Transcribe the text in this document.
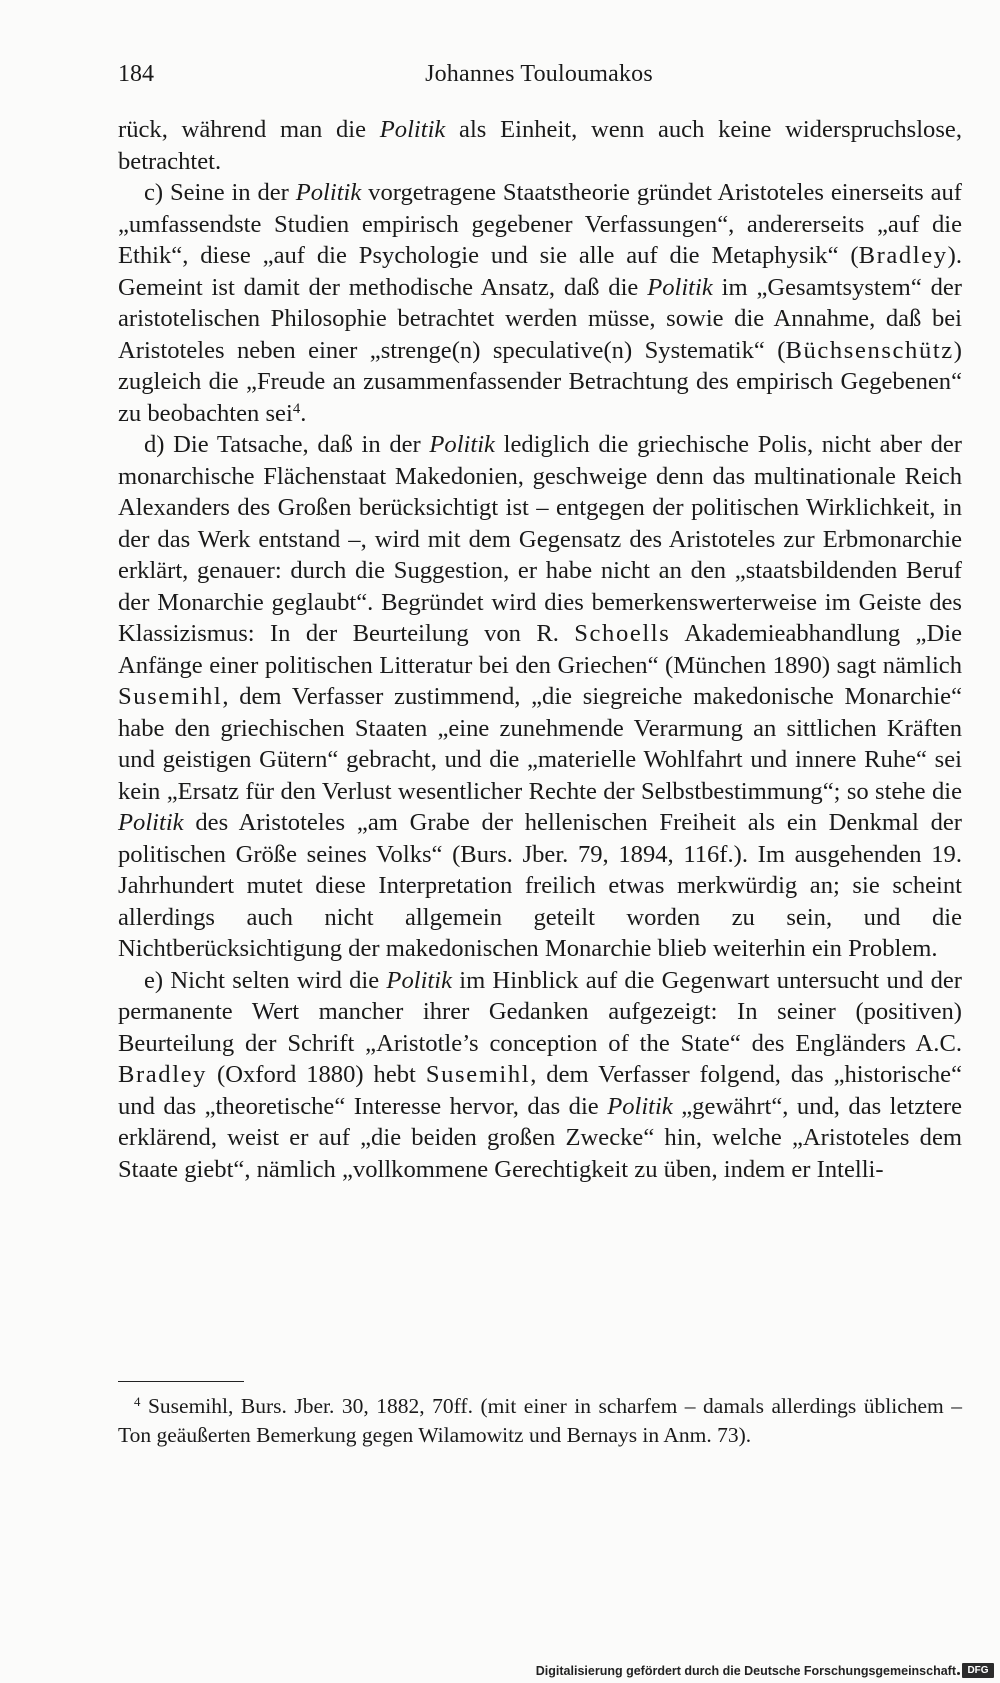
184	Johannes Touloumakos

rück, während man die Politik als Einheit, wenn auch keine widerspruchslose, betrachtet.

c) Seine in der Politik vorgetragene Staatstheorie gründet Aristoteles einerseits auf „umfassendste Studien empirisch gegebener Verfassungen“, andererseits „auf die Ethik“, diese „auf die Psychologie und sie alle auf die Metaphysik“ (Bradley). Gemeint ist damit der methodische Ansatz, daß die Politik im „Gesamtsystem“ der aristotelischen Philosophie betrachtet werden müsse, sowie die Annahme, daß bei Aristoteles neben einer „strenge(n) speculative(n) Systematik“ (Büchsenschütz) zugleich die „Freude an zusammenfassender Betrachtung des empirisch Gegebenen“ zu beobachten sei$^4$.

d) Die Tatsache, daß in der Politik lediglich die griechische Polis, nicht aber der monarchische Flächenstaat Makedonien, geschweige denn das multinationale Reich Alexanders des Großen berücksichtigt ist – entgegen der politischen Wirklichkeit, in der das Werk entstand –, wird mit dem Gegensatz des Aristoteles zur Erbmonarchie erklärt, genauer: durch die Suggestion, er habe nicht an den „staatsbildenden Beruf der Monarchie geglaubt“. Begründet wird dies bemerkenswerterweise im Geiste des Klassizismus: In der Beurteilung von R. Schoells Akademieabhandlung „Die Anfänge einer politischen Litteratur bei den Griechen“ (München 1890) sagt nämlich Susemihl, dem Verfasser zustimmend, „die siegreiche makedonische Monarchie“ habe den griechischen Staaten „eine zunehmende Verarmung an sittlichen Kräften und geistigen Gütern“ gebracht, und die „materielle Wohlfahrt und innere Ruhe“ sei kein „Ersatz für den Verlust wesentlicher Rechte der Selbstbestimmung“; so stehe die Politik des Aristoteles „am Grabe der hellenischen Freiheit als ein Denkmal der politischen Größe seines Volks“ (Burs. Jber. 79, 1894, 116f.). Im ausgehenden 19. Jahrhundert mutet diese Interpretation freilich etwas merkwürdig an; sie scheint allerdings auch nicht allgemein geteilt worden zu sein, und die Nichtberücksichtigung der makedonischen Monarchie blieb weiterhin ein Problem.

e) Nicht selten wird die Politik im Hinblick auf die Gegenwart untersucht und der permanente Wert mancher ihrer Gedanken aufgezeigt: In seiner (positiven) Beurteilung der Schrift „Aristotle’s conception of the State“ des Engländers A.C. Bradley (Oxford 1880) hebt Susemihl, dem Verfasser folgend, das „historische“ und das „theoretische“ Interesse hervor, das die Politik „gewährt“, und, das letztere erklärend, weist er auf „die beiden großen Zwecke“ hin, welche „Aristoteles dem Staate giebt“, nämlich „vollkommene Gerechtigkeit zu üben, indem er Intelli-

$^4$ Susemihl, Burs. Jber. 30, 1882, 70ff. (mit einer in scharfem – damals allerdings üblichem – Ton geäußerten Bemerkung gegen Wilamowitz und Bernays in Anm. 73).

Digitalisierung gefördert durch die Deutsche Forschungsgemeinschaft	DFG
